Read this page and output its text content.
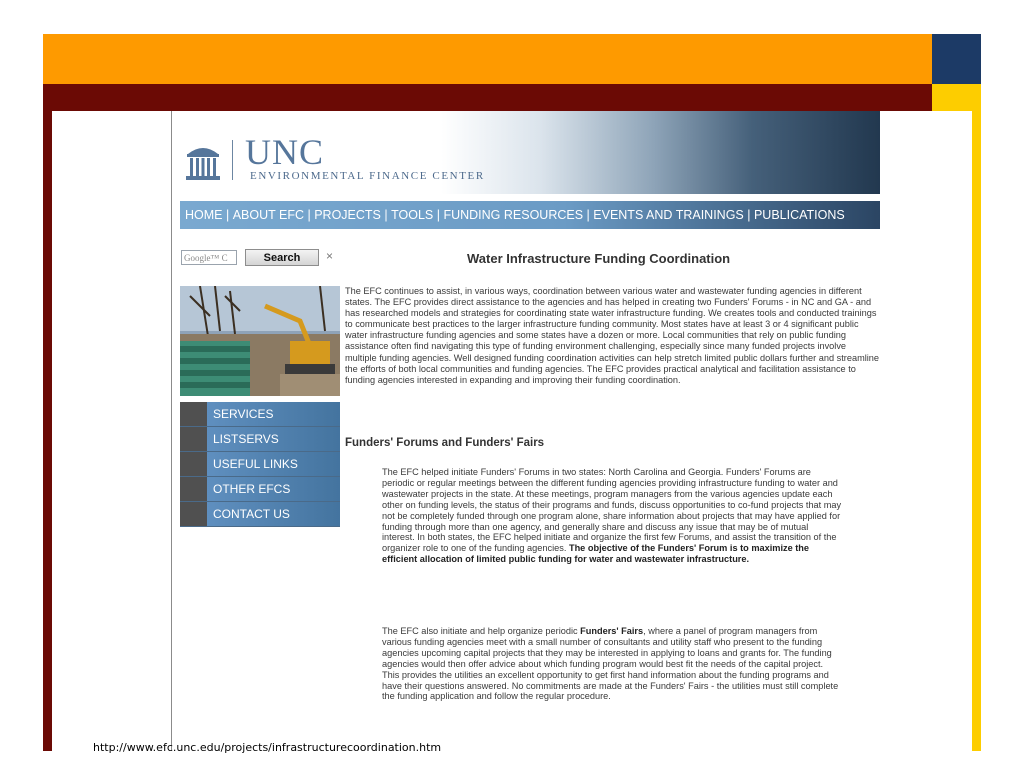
UNC
ENVIRONMENTAL FINANCE CENTER
HOME | ABOUT EFC | PROJECTS | TOOLS | FUNDING RESOURCES | EVENTS AND TRAININGS | PUBLICATIONS
Google™ C	Search	×
SERVICES
LISTSERVS
USEFUL LINKS
OTHER EFCS
CONTACT US
Water Infrastructure Funding Coordination
The EFC continues to assist, in various ways, coordination between various water and wastewater funding agencies in different states. The EFC provides direct assistance to the agencies and has helped in creating two Funders' Forums - in NC and GA - and has researched models and strategies for coordinating state water infrastructure funding. We creates tools and conducted trainings to communicate best practices to the larger infrastructure funding community. Most states have at least 3 or 4 significant public water infrastructure funding agencies and some states have a dozen or more. Local communities that rely on public funding assistance often find navigating this type of funding environment challenging, especially since many funded projects involve multiple funding agencies. Well designed funding coordination activities can help stretch limited public dollars further and streamline the efforts of both local communities and funding agencies. The EFC provides practical analytical and facilitation assistance to funding agencies interested in expanding and improving their funding coordination.
Funders' Forums and Funders' Fairs
The EFC helped initiate Funders' Forums in two states: North Carolina and Georgia. Funders' Forums are periodic or regular meetings between the different funding agencies providing infrastructure funding to water and wastewater projects in the state. At these meetings, program managers from the various agencies update each other on funding levels, the status of their programs and funds, discuss opportunities to co-fund projects that may not be completely funded through one program alone, share information about projects that may have applied for funding through more than one agency, and generally share and discuss any issue that may be of mutual interest. In both states, the EFC helped initiate and organize the first few Forums, and assist the transition of the organizer role to one of the funding agencies. The objective of the Funders' Forum is to maximize the efficient allocation of limited public funding for water and wastewater infrastructure.
The EFC also initiate and help organize periodic Funders' Fairs, where a panel of program managers from various funding agencies meet with a small number of consultants and utility staff who present to the funding agencies upcoming capital projects that they may be interested in applying to loans and grants for. The funding agencies would then offer advice about which funding program would best fit the needs of the capital project. This provides the utilities an excellent opportunity to get first hand information about the funding programs and have their questions answered. No commitments are made at the Funders' Fairs - the utilities must still complete the funding application and follow the regular procedure.
http://www.efc.unc.edu/projects/infrastructurecoordination.htm
